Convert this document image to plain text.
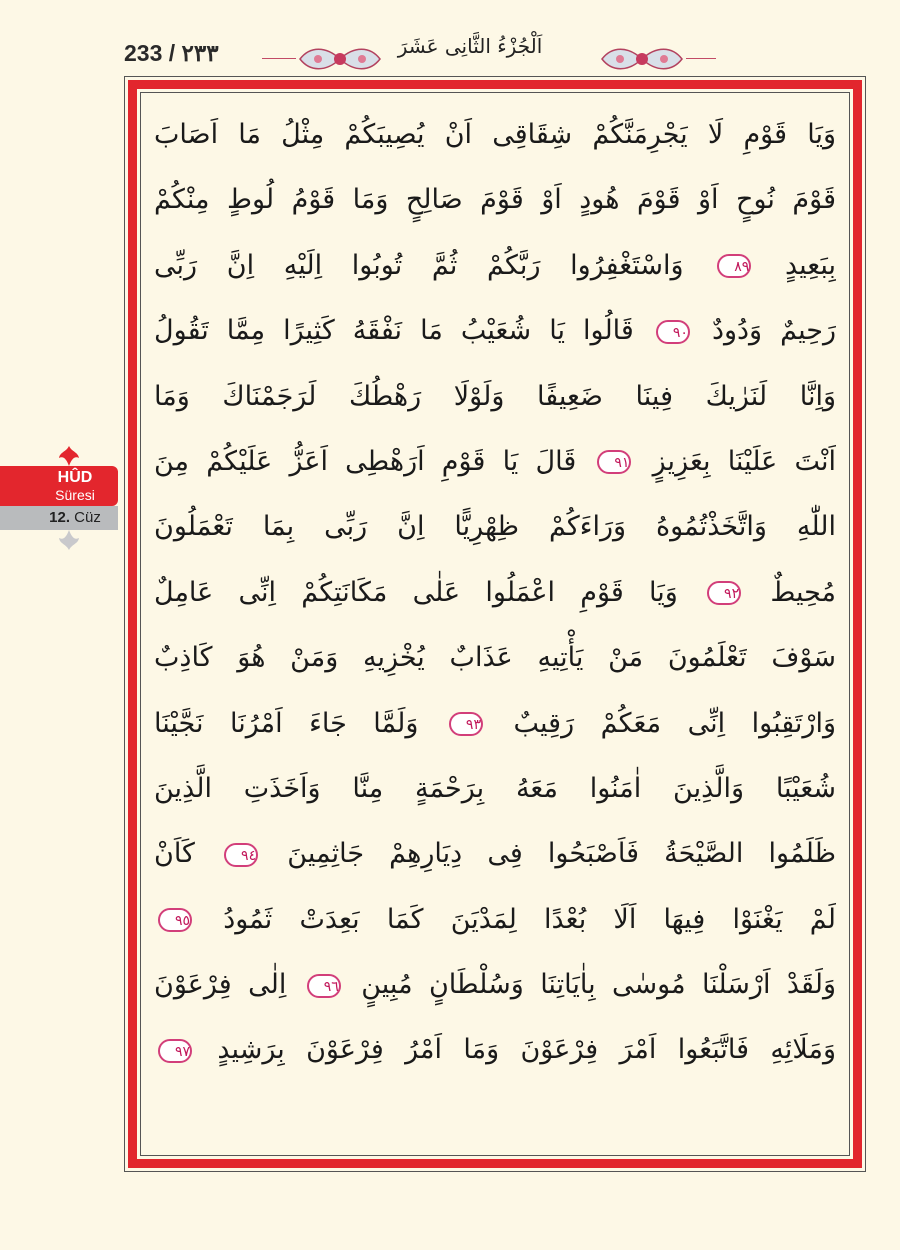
233 / ٢٣٣	اَلْجُزْءُ الثَّانِى عَشَرَ
HÛD
Süresi
12. Cüz
وَيَا قَوْمِ لَا يَجْرِمَنَّكُمْ شِقَاقِى اَنْ يُصِيبَكُمْ مِثْلُ مَا اَصَابَ
قَوْمَ نُوحٍ اَوْ قَوْمَ هُودٍ اَوْ قَوْمَ صَالِحٍ وَمَا قَوْمُ لُوطٍ مِنْكُمْ
بِبَعِيدٍ ٨٩ وَاسْتَغْفِرُوا رَبَّكُمْ ثُمَّ تُوبُوا اِلَيْهِ اِنَّ رَبِّى
رَحِيمٌ وَدُودٌ ٩٠ قَالُوا يَا شُعَيْبُ مَا نَفْقَهُ كَثِيرًا مِمَّا تَقُولُ
وَاِنَّا لَنَرٰيكَ فِينَا ضَعِيفًا وَلَوْلَا رَهْطُكَ لَرَجَمْنَاكَ وَمَا
اَنْتَ عَلَيْنَا بِعَزِيزٍ ٩١ قَالَ يَا قَوْمِ اَرَهْطِى اَعَزُّ عَلَيْكُمْ مِنَ
اللّٰهِ وَاتَّخَذْتُمُوهُ وَرَاءَكُمْ ظِهْرِيًّا اِنَّ رَبِّى بِمَا تَعْمَلُونَ
مُحِيطٌ ٩٢ وَيَا قَوْمِ اعْمَلُوا عَلٰى مَكَانَتِكُمْ اِنِّى عَامِلٌ
سَوْفَ تَعْلَمُونَ مَنْ يَأْتِيهِ عَذَابٌ يُخْزِيهِ وَمَنْ هُوَ كَاذِبٌ
وَارْتَقِبُوا اِنِّى مَعَكُمْ رَقِيبٌ ٩٣ وَلَمَّا جَاءَ اَمْرُنَا نَجَّيْنَا
شُعَيْبًا وَالَّذِينَ اٰمَنُوا مَعَهُ بِرَحْمَةٍ مِنَّا وَاَخَذَتِ الَّذِينَ
ظَلَمُوا الصَّيْحَةُ فَاَصْبَحُوا فِى دِيَارِهِمْ جَاثِمِينَ ٩٤ كَاَنْ
لَمْ يَغْنَوْا فِيهَا اَلَا بُعْدًا لِمَدْيَنَ كَمَا بَعِدَتْ ثَمُودُ ٩٥
وَلَقَدْ اَرْسَلْنَا مُوسٰى بِاٰيَاتِنَا وَسُلْطَانٍ مُبِينٍ ٩٦ اِلٰى فِرْعَوْنَ
وَمَلَائِهِ فَاتَّبَعُوا اَمْرَ فِرْعَوْنَ وَمَا اَمْرُ فِرْعَوْنَ بِرَشِيدٍ ٩٧
